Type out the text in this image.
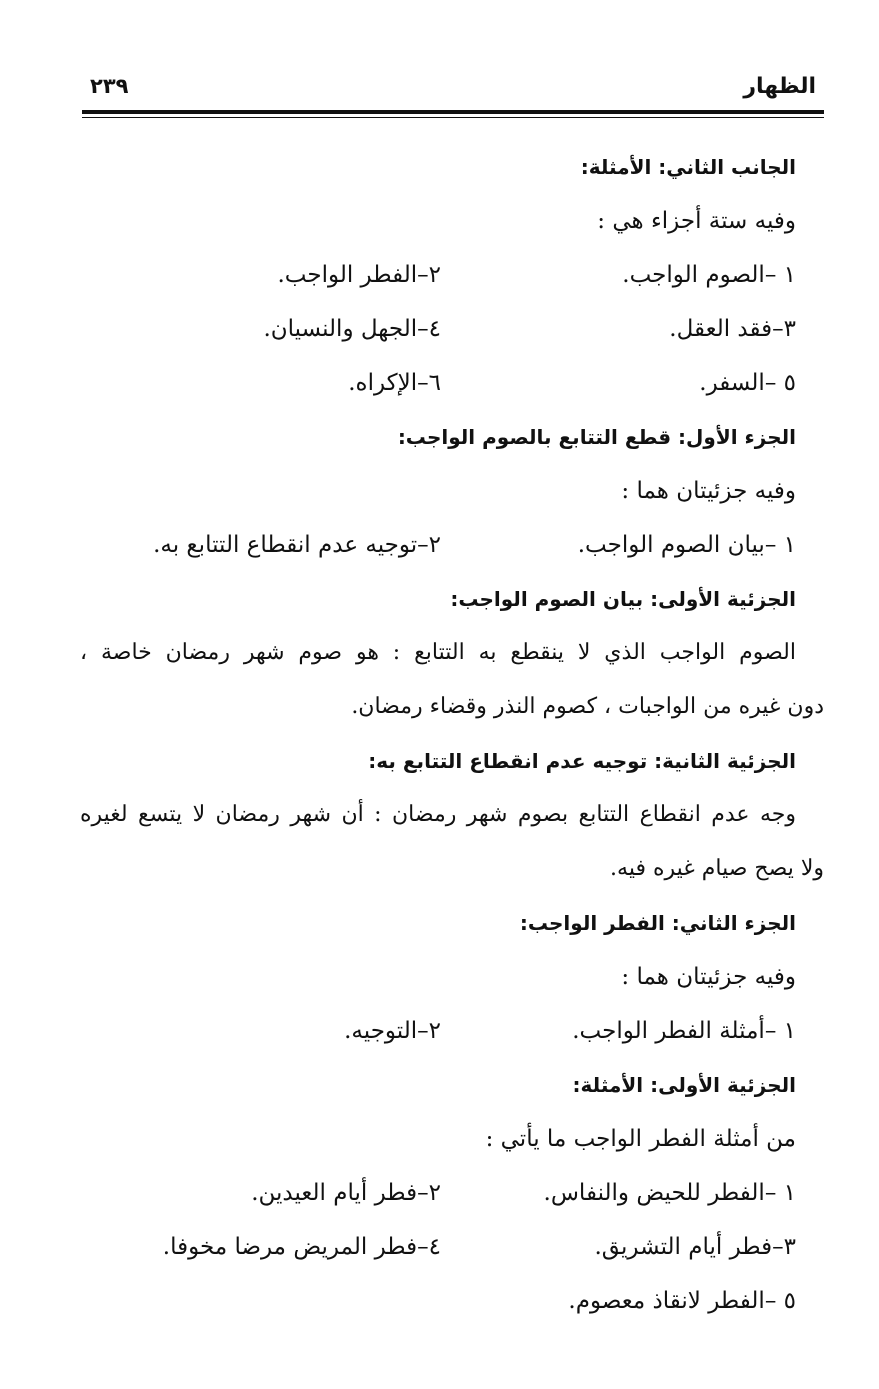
الظهار
٢٣٩
الجانب الثاني: الأمثلة:
وفيه ستة أجزاء هي :
١ –الصوم الواجب.
٢–الفطر الواجب.
٣–فقد العقل.
٤–الجهل والنسيان.
٥ –السفر.
٦–الإكراه.
الجزء الأول: قطع التتابع بالصوم الواجب:
وفيه جزئيتان هما :
١ –بيان الصوم الواجب.
٢–توجيه عدم انقطاع التتابع به.
الجزئية الأولى: بيان الصوم الواجب:
الصوم الواجب الذي لا ينقطع به التتابع : هو صوم شهر رمضان خاصة ،
دون غيره من الواجبات ، كصوم النذر وقضاء رمضان.
الجزئية الثانية: توجيه عدم انقطاع التتابع به:
وجه عدم انقطاع التتابع بصوم شهر رمضان : أن شهر رمضان لا يتسع لغيره
ولا يصح صيام غيره فيه.
الجزء الثاني: الفطر الواجب:
وفيه جزئيتان هما :
١ –أمثلة الفطر الواجب.
٢–التوجيه.
الجزئية الأولى: الأمثلة:
من أمثلة الفطر الواجب ما يأتي :
١ –الفطر للحيض والنفاس.
٢–فطر أيام العيدين.
٣–فطر أيام التشريق.
٤–فطر المريض مرضا مخوفا.
٥ –الفطر لانقاذ معصوم.
